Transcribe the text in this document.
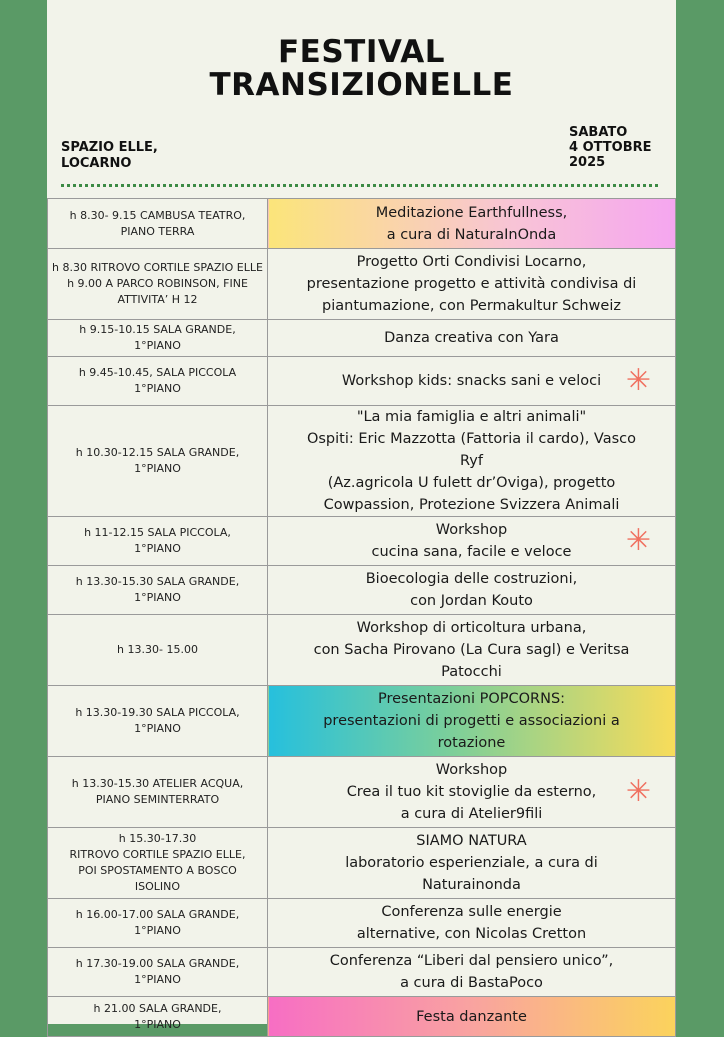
FESTIVAL
TRANSIZIONELLE
SPAZIO ELLE,
LOCARNO
SABATO
4 OTTOBRE
2025
h 8.30- 9.15 CAMBUSA TEATRO,
PIANO TERRA	Meditazione Earthfullness,
a cura di NaturaInOnda
h 8.30 RITROVO CORTILE SPAZIO ELLE h 9.00 A PARCO ROBINSON, FINE ATTIVITA’ H 12	Progetto Orti Condivisi Locarno,
presentazione progetto e attività condivisa di
piantumazione, con Permakultur Schweiz
h 9.15-10.15 SALA GRANDE,
1°PIANO	Danza creativa con Yara
h 9.45-10.45, SALA PICCOLA
1°PIANO	Workshop kids: snacks sani e veloci ✳

h 10.30-12.15 SALA GRANDE,
1°PIANO	"La mia famiglia e altri animali"
Ospiti: Eric Mazzotta (Fattoria il cardo), Vasco Ryf
(Az.agricola U fulett dr’Oviga), progetto
Cowpassion, Protezione Svizzera Animali
h 11-12.15 SALA PICCOLA,
1°PIANO	Workshop
cucina sana, facile e veloce ✳

h 13.30-15.30 SALA GRANDE,
1°PIANO	Bioecologia delle costruzioni,
con Jordan Kouto
h 13.30- 15.00	Workshop di orticoltura urbana,
con Sacha Pirovano (La Cura sagl) e Veritsa
Patocchi
h 13.30-19.30 SALA PICCOLA,
1°PIANO	Presentazioni POPCORNS:
presentazioni di progetti e associazioni a
rotazione
h 13.30-15.30 ATELIER ACQUA,
PIANO SEMINTERRATO	Workshop
Crea il tuo kit stoviglie da esterno,
a cura di Atelier9fili
✳

h 15.30-17.30
RITROVO CORTILE SPAZIO ELLE,
POI SPOSTAMENTO A BOSCO
ISOLINO	SIAMO NATURA
laboratorio esperienziale, a cura di Naturainonda
h 16.00-17.00 SALA GRANDE,
1°PIANO	Conferenza sulle energie
alternative, con Nicolas Cretton
h 17.30-19.00 SALA GRANDE,
1°PIANO	Conferenza “Liberi dal pensiero unico”,
a cura di BastaPoco
h 21.00 SALA GRANDE,
1°PIANO	Festa danzante
